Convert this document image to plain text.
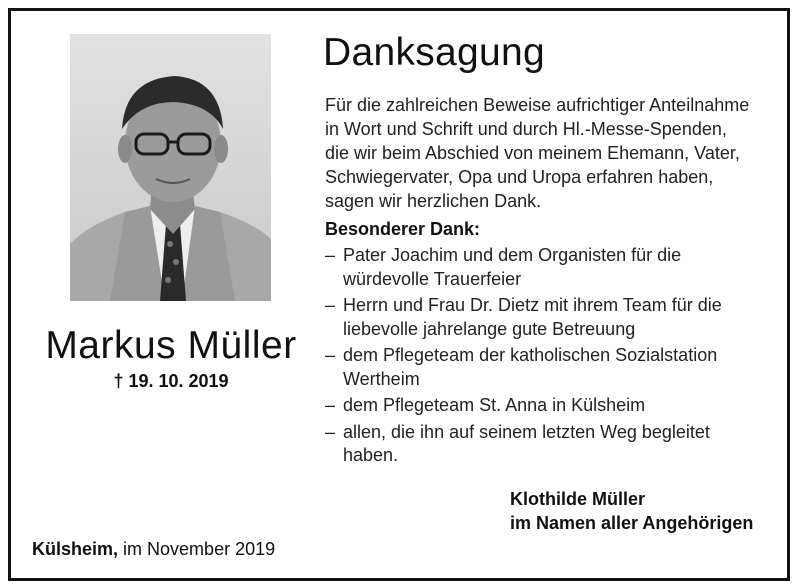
Markus Müller
† 19. 10. 2019
Külsheim, im November 2019
Danksagung
Für die zahlreichen Beweise aufrichtiger Anteilnahme
in Wort und Schrift und durch Hl.-Messe-Spenden,
die wir beim Abschied von meinem Ehemann, Vater,
Schwiegervater, Opa und Uropa erfahren haben,
sagen wir herzlichen Dank.
Besonderer Dank:
– Pater Joachim und dem Organisten für die
würdevolle Trauerfeier
– Herrn und Frau Dr. Dietz mit ihrem Team für die
liebevolle jahrelange gute Betreuung
– dem Pflegeteam der katholischen Sozialstation
Wertheim
– dem Pflegeteam St. Anna in Külsheim
– allen, die ihn auf seinem letzten Weg begleitet
haben.
Klothilde Müller
im Namen aller Angehörigen
